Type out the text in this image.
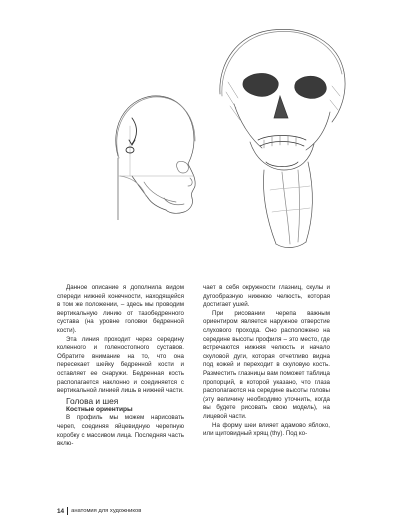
Данное описание я дополнила видом спереди нижней конечности, находящейся в том же положении, – здесь мы проводим вертикальную линию от тазобедренного сустава (на уровне головки бедренной кости).

Эта линия проходит через середину коленного и голеностопного суставов. Обратите внимание на то, что она пересекает шейку бедренной кости и оставляет ее снаружи. Бедренная кость располагается наклонно и соединяется с вертикальной линией лишь в нижней части.

Голова и шея

Костные ориентиры

В профиль мы можем нарисовать череп, соединяя яйцевидную черепную коробку с массивом лица. Последняя часть вклю-

чает в себя окружности глазниц, скулы и дугообразную нижнюю челюсть, которая достигает ушей.

При рисовании черепа важным ориентиром является наружное отверстие слухового прохода. Оно расположено на середине высоты профиля – это место, где встречаются нижняя челюсть и начало скуловой дуги, которая отчетливо видна под кожей и переходит в скуловую кость. Разместить глазницы вам поможет таблица пропорций, в которой указано, что глаза располагаются на середине высоты головы (эту величину необходимо уточнить, когда вы будете рисовать свою модель), на лицевой части.

На форму шеи влияет адамово яблоко, или щитовидный хрящ (thy). Под ко-

14 анатомия для художников
